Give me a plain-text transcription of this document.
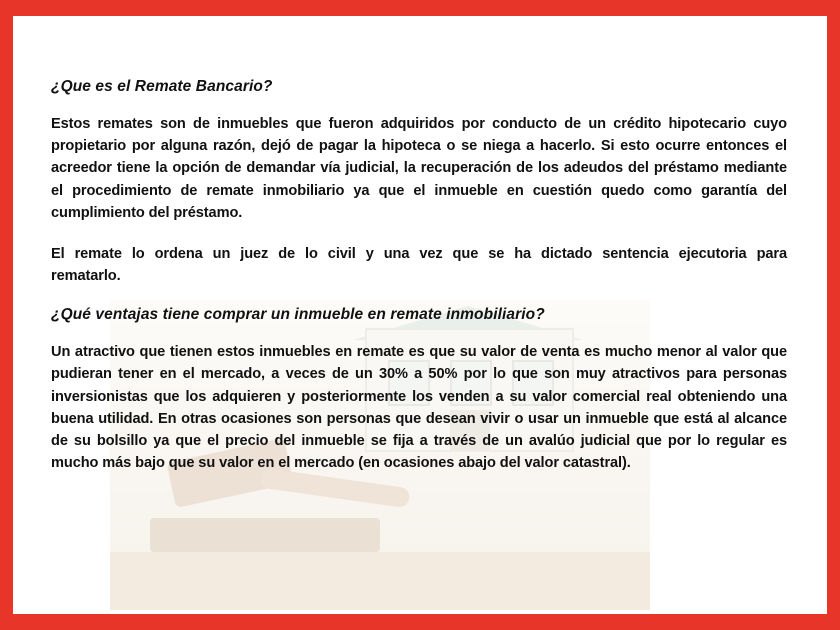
¿Que es el Remate Bancario?

Estos remates son de inmuebles que fueron adquiridos por conducto de un crédito hipotecario cuyo propietario por alguna razón, dejó de pagar la hipoteca o se niega a hacerlo. Si esto ocurre entonces el acreedor tiene la opción de demandar vía judicial, la recuperación de los adeudos del préstamo mediante el procedimiento de remate inmobiliario ya que el inmueble en cuestión quedo como garantía del cumplimiento del préstamo.

El remate lo ordena un juez de lo civil y una vez que se ha dictado sentencia ejecutoria para rematarlo.

¿Qué ventajas tiene comprar un inmueble en remate inmobiliario?

Un atractivo que tienen estos inmuebles en remate es que su valor de venta es mucho menor al valor que pudieran tener en el mercado, a veces de un 30% a 50% por lo que son muy atractivos para personas inversionistas que los adquieren y posteriormente los venden a su valor comercial real obteniendo una buena utilidad. En otras ocasiones son personas que desean vivir o usar un inmueble que está al alcance de su bolsillo ya que el precio del inmueble se fija a través de un avalúo judicial que por lo regular es mucho más bajo que su valor en el mercado (en ocasiones abajo del valor catastral).
